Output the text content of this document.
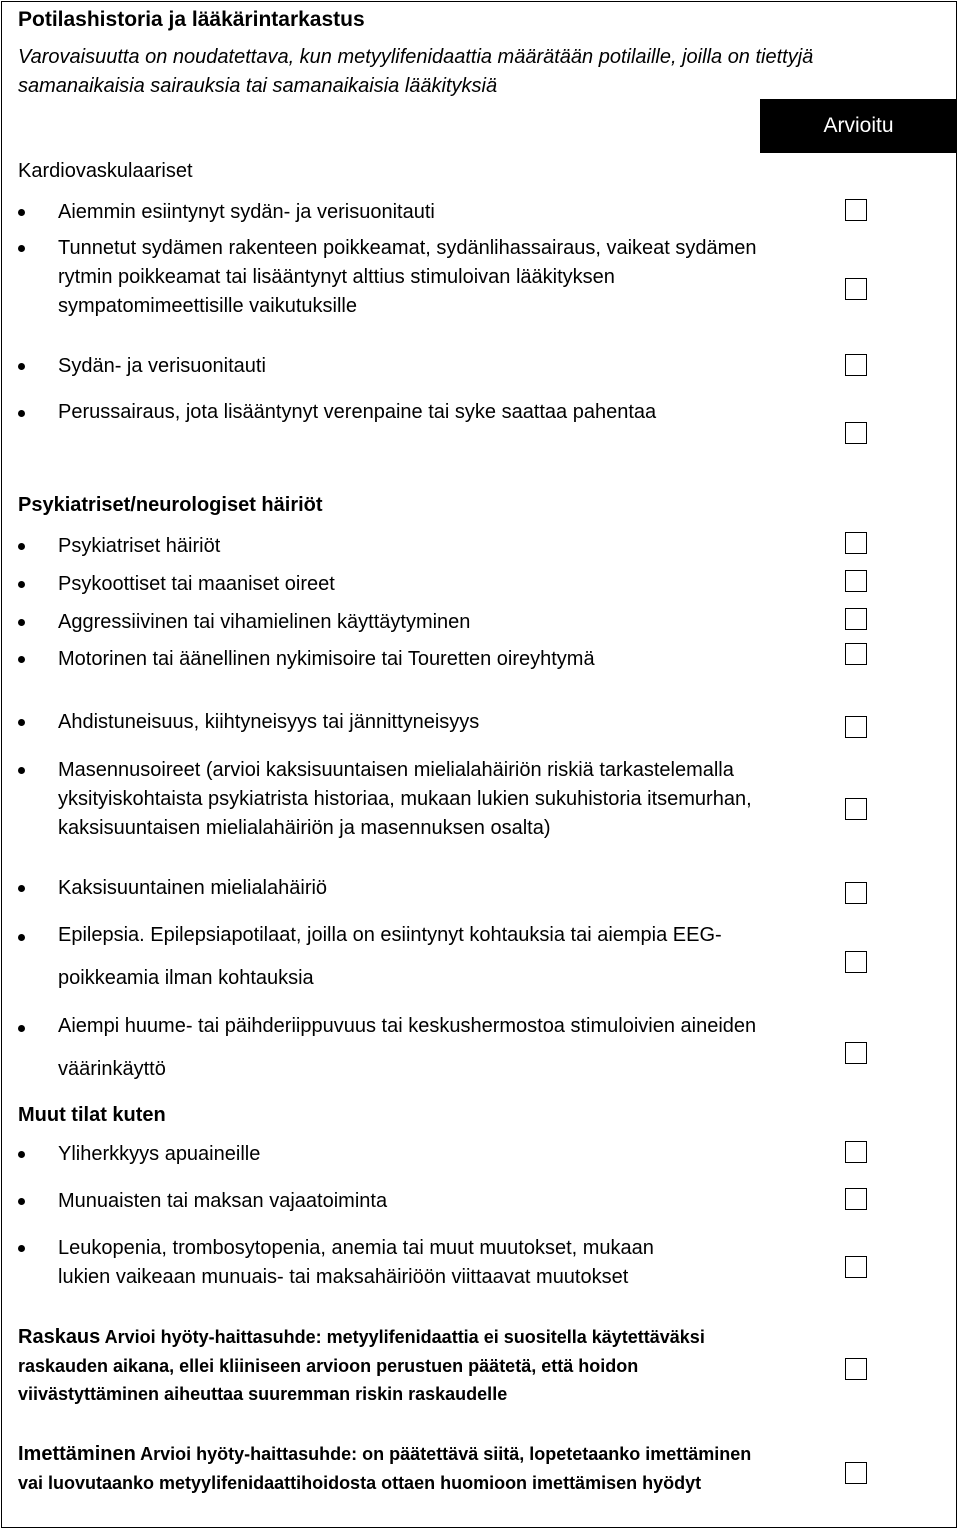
Potilashistoria ja lääkärintarkastus
Varovaisuutta on noudatettava, kun metyylifenidaattia määrätään potilaille, joilla on tiettyjä samanaikaisia sairauksia tai samanaikaisia lääkityksiä
Arvioitu
Kardiovaskulaariset
Aiemmin esiintynyt sydän- ja verisuonitauti
Tunnetut sydämen rakenteen poikkeamat, sydänlihassairaus, vaikeat sydämen rytmin poikkeamat tai lisääntynyt alttius stimuloivan lääkityksen sympatomimeettisille vaikutuksille
Sydän- ja verisuonitauti
Perussairaus, jota lisääntynyt verenpaine tai syke saattaa pahentaa
Psykiatriset/neurologiset häiriöt
Psykiatriset häiriöt
Psykoottiset tai maaniset oireet
Aggressiivinen tai vihamielinen käyttäytyminen
Motorinen tai äänellinen nykimisoire tai Touretten oireyhtymä
Ahdistuneisuus, kiihtyneisyys tai jännittyneisyys
Masennusoireet (arvioi kaksisuuntaisen mielialahäiriön riskiä tarkastelemalla yksityiskohtaista psykiatrista historiaa, mukaan lukien sukuhistoria itsemurhan, kaksisuuntaisen mielialahäiriön ja masennuksen osalta)
Kaksisuuntainen mielialahäiriö
Epilepsia. Epilepsiapotilaat, joilla on esiintynyt kohtauksia tai aiempia EEG-poikkeamia ilman kohtauksia
Aiempi huume- tai päihderiippuvuus tai keskushermostoa stimuloivien aineiden väärinkäyttö
Muut tilat kuten
Yliherkkyys apuaineille
Munuaisten tai maksan vajaatoiminta
Leukopenia, trombosytopenia, anemia tai muut muutokset, mukaan lukien vaikeaan munuais- tai maksahäiriöön viittaavat muutokset
Raskaus Arvioi hyöty-haittasuhde: metyylifenidaattia ei suositella käytettäväksi raskauden aikana, ellei kliiniseen arvioon perustuen päätetä, että hoidon viivästyttäminen aiheuttaa suuremman riskin raskaudelle
Imettäminen Arvioi hyöty-haittasuhde: on päätettävä siitä, lopetetaanko imettäminen vai luovutaanko metyylifenidaattihoidosta ottaen huomioon imettämisen hyödyt
